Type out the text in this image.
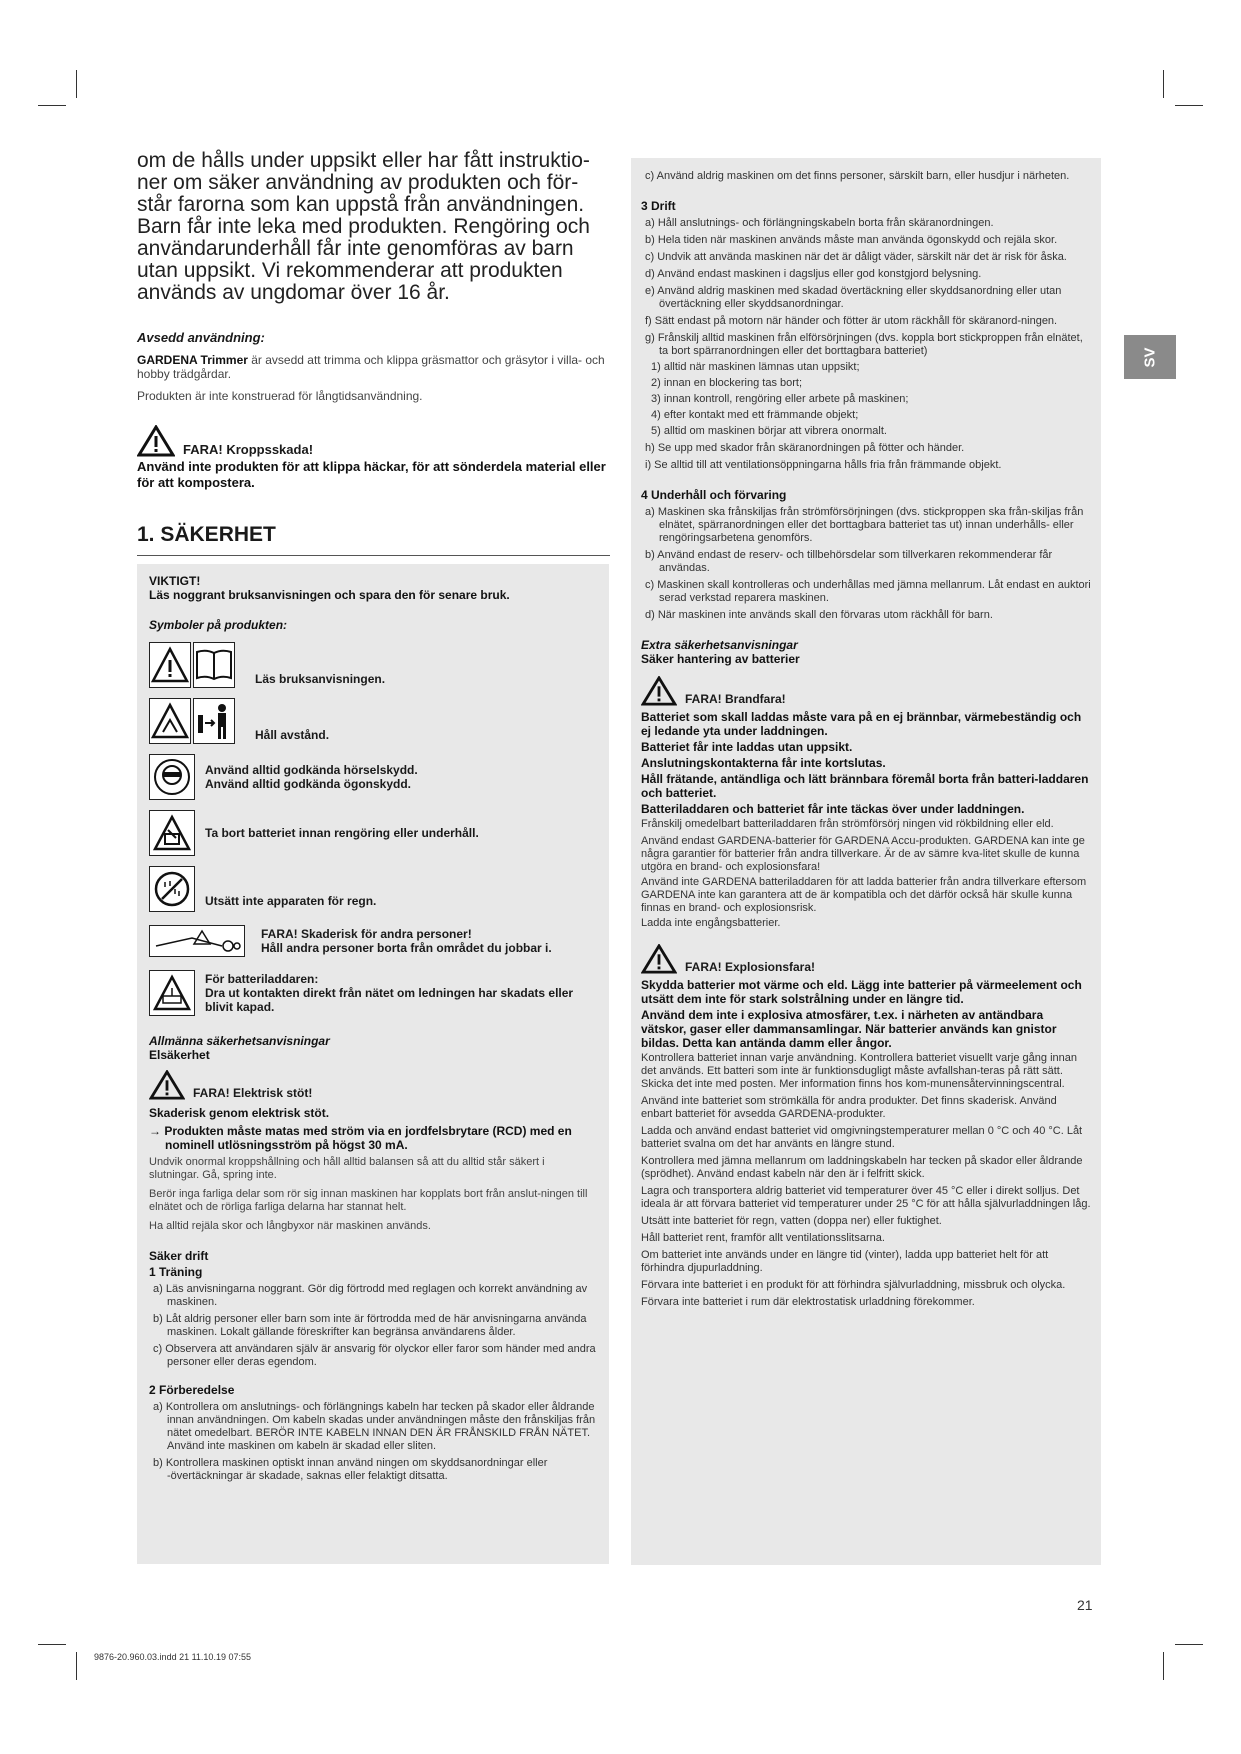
om de hålls under uppsikt eller har fått instruktio-ner om säker användning av produkten och för-står farorna som kan uppstå från användningen. Barn får inte leka med produkten. Rengöring och användarunderhåll får inte genomföras av barn utan uppsikt. Vi rekommenderar att produkten används av ungdomar över 16 år.
Avsedd användning:
GARDENA Trimmer är avsedd att trimma och klippa gräsmattor och gräsytor i villa- och hobby trädgårdar.
Produkten är inte konstruerad för långtidsanvändning.
FARA! Kroppsskada!
Använd inte produkten för att klippa häckar, för att sönderdela material eller för att kompostera.
1. SÄKERHET
VIKTIGT!
Läs noggrant bruksanvisningen och spara den för senare bruk.
Symboler på produkten:
Läs bruksanvisningen.
Håll avstånd.
Använd alltid godkända hörselskydd.
Använd alltid godkända ögonskydd.
Ta bort batteriet innan rengöring eller underhåll.
Utsätt inte apparaten för regn.
FARA! Skaderisk för andra personer!
Håll andra personer borta från området du jobbar i.
För batteriladdaren:
Dra ut kontakten direkt från nätet om ledningen har skadats eller blivit kapad.
Allmänna säkerhetsanvisningar
Elsäkerhet
FARA! Elektrisk stöt!
Skaderisk genom elektrisk stöt.
→ Produkten måste matas med ström via en jordfelsbrytare (RCD) med en nominell utlösningsström på högst 30 mA.
Undvik onormal kroppshållning och håll alltid balansen så att du alltid står säkert i slutningar. Gå, spring inte.
Berör inga farliga delar som rör sig innan maskinen har kopplats bort från anslut-ningen till elnätet och de rörliga farliga delarna har stannat helt.
Ha alltid rejäla skor och långbyxor när maskinen används.
Säker drift
1 Träning
a) Läs anvisningarna noggrant. Gör dig förtrodd med reglagen och korrekt användning av maskinen.
b) Låt aldrig personer eller barn som inte är förtrodda med de här anvisningarna använda maskinen. Lokalt gällande föreskrifter kan begränsa användarens ålder.
c) Observera att användaren själv är ansvarig för olyckor eller faror som händer med andra personer eller deras egendom.
2 Förberedelse
a) Kontrollera om anslutnings- och förlängnings kabeln har tecken på skador eller åldrande innan användningen. Om kabeln skadas under användningen måste den frånskiljas från nätet omedelbart. BERÖR INTE KABELN INNAN DEN ÄR FRÅNSKILD FRÅN NÄTET. Använd inte maskinen om kabeln är skadad eller sliten.
b) Kontrollera maskinen optiskt innan använd ningen om skyddsanordningar eller -övertäckningar är skadade, saknas eller felaktigt ditsatta.
c) Använd aldrig maskinen om det finns personer, särskilt barn, eller husdjur i närheten.
3 Drift
a) Håll anslutnings- och förlängningskabeln borta från skäranordningen.
b) Hela tiden när maskinen används måste man använda ögonskydd och rejäla skor.
c) Undvik att använda maskinen när det är dåligt väder, särskilt när det är risk för åska.
d) Använd endast maskinen i dagsljus eller god konstgjord belysning.
e) Använd aldrig maskinen med skadad övertäckning eller skyddsanordning eller utan övertäckning eller skyddsanordningar.
f) Sätt endast på motorn när händer och fötter är utom räckhåll för skäranord-ningen.
g) Frånskilj alltid maskinen från elförsörjningen (dvs. koppla bort stickproppen från elnätet, ta bort spärranordningen eller det borttagbara batteriet)
1) alltid när maskinen lämnas utan uppsikt;
2) innan en blockering tas bort;
3) innan kontroll, rengöring eller arbete på maskinen;
4) efter kontakt med ett främmande objekt;
5) alltid om maskinen börjar att vibrera onormalt.
h) Se upp med skador från skäranordningen på fötter och händer.
i) Se alltid till att ventilationsöppningarna hålls fria från främmande objekt.
4 Underhåll och förvaring
a) Maskinen ska frånskiljas från strömförsörjningen (dvs. stickproppen ska från-skiljas från elnätet, spärranordningen eller det borttagbara batteriet tas ut) innan underhålls- eller rengöringsarbetena genomförs.
b) Använd endast de reserv- och tillbehörsdelar som tillverkaren rekommenderar får användas.
c) Maskinen skall kontrolleras och underhållas med jämna mellanrum. Låt endast en auktori serad verkstad reparera maskinen.
d) När maskinen inte används skall den förvaras utom räckhåll för barn.
Extra säkerhetsanvisningar
Säker hantering av batterier
FARA! Brandfara!
Batteriet som skall laddas måste vara på en ej brännbar, värmebeständig och ej ledande yta under laddningen.
Batteriet får inte laddas utan uppsikt.
Anslutningskontakterna får inte kortslutas.
Håll frätande, antändliga och lätt brännbara föremål borta från batteri-laddaren och batteriet.
Batteriladdaren och batteriet får inte täckas över under laddningen.
Frånskilj omedelbart batteriladdaren från strömförsörj ningen vid rökbildning eller eld.
Använd endast GARDENA-batterier för GARDENA Accu-produkten. GARDENA kan inte ge några garantier för batterier från andra tillverkare. Är de av sämre kva-litet skulle de kunna utgöra en brand- och explosionsfara!
Använd inte GARDENA batteriladdaren för att ladda batterier från andra tillverkare eftersom GARDENA inte kan garantera att de är kompatibla och det därför också här skulle kunna finnas en brand- och explosionsrisk.
Ladda inte engångsbatterier.
FARA! Explosionsfara!
Skydda batterier mot värme och eld. Lägg inte batterier på värmeelement och utsätt dem inte för stark solstrålning under en längre tid.
Använd dem inte i explosiva atmosfärer, t.ex. i närheten av antändbara vätskor, gaser eller dammansamlingar. När batterier används kan gnistor bildas. Detta kan antända damm eller ångor.
Kontrollera batteriet innan varje användning. Kontrollera batteriet visuellt varje gång innan det används. Ett batteri som inte är funktionsdugligt måste avfallshan-teras på rätt sätt. Skicka det inte med posten. Mer information finns hos kom-munensåtervinningscentral.
Använd inte batteriet som strömkälla för andra produkter. Det finns skaderisk. Använd enbart batteriet för avsedda GARDENA-produkter.
Ladda och använd endast batteriet vid omgivningstemperaturer mellan 0 °C och 40 °C. Låt batteriet svalna om det har använts en längre stund.
Kontrollera med jämna mellanrum om laddningskabeln har tecken på skador eller åldrande (sprödhet). Använd endast kabeln när den är i felfritt skick.
Lagra och transportera aldrig batteriet vid temperaturer över 45 °C eller i direkt solljus. Det ideala är att förvara batteriet vid temperaturer under 25 °C för att hålla självurladdningen låg.
Utsätt inte batteriet för regn, vatten (doppa ner) eller fuktighet.
Håll batteriet rent, framför allt ventilationsslitsarna.
Om batteriet inte används under en längre tid (vinter), ladda upp batteriet helt för att förhindra djupurladdning.
Förvara inte batteriet i en produkt för att förhindra självurladdning, missbruk och olycka.
Förvara inte batteriet i rum där elektrostatisk urladdning förekommer.
SV
21
9876-20.960.03.indd 21 11.10.19 07:55
